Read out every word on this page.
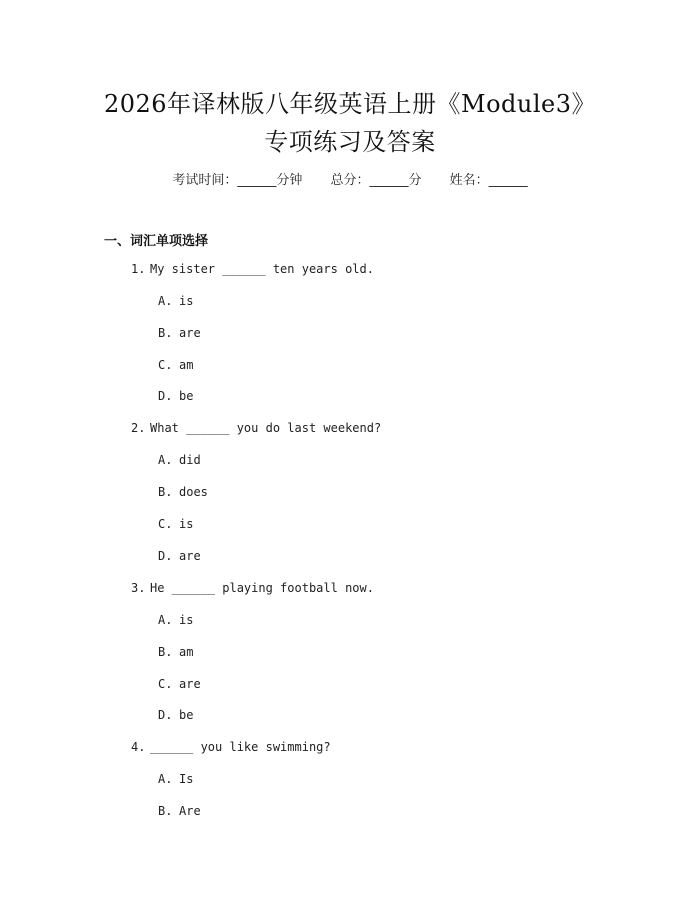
2026年译林版八年级英语上册《Module3》
专项练习及答案
考试时间：______分钟 总分：______分 姓名：______
一、词汇单项选择
1. My sister ______ ten years old.
A. is
B. are
C. am
D. be
2. What ______ you do last weekend?
A. did
B. does
C. is
D. are
3. He ______ playing football now.
A. is
B. am
C. are
D. be
4. ______ you like swimming?
A. Is
B. Are
